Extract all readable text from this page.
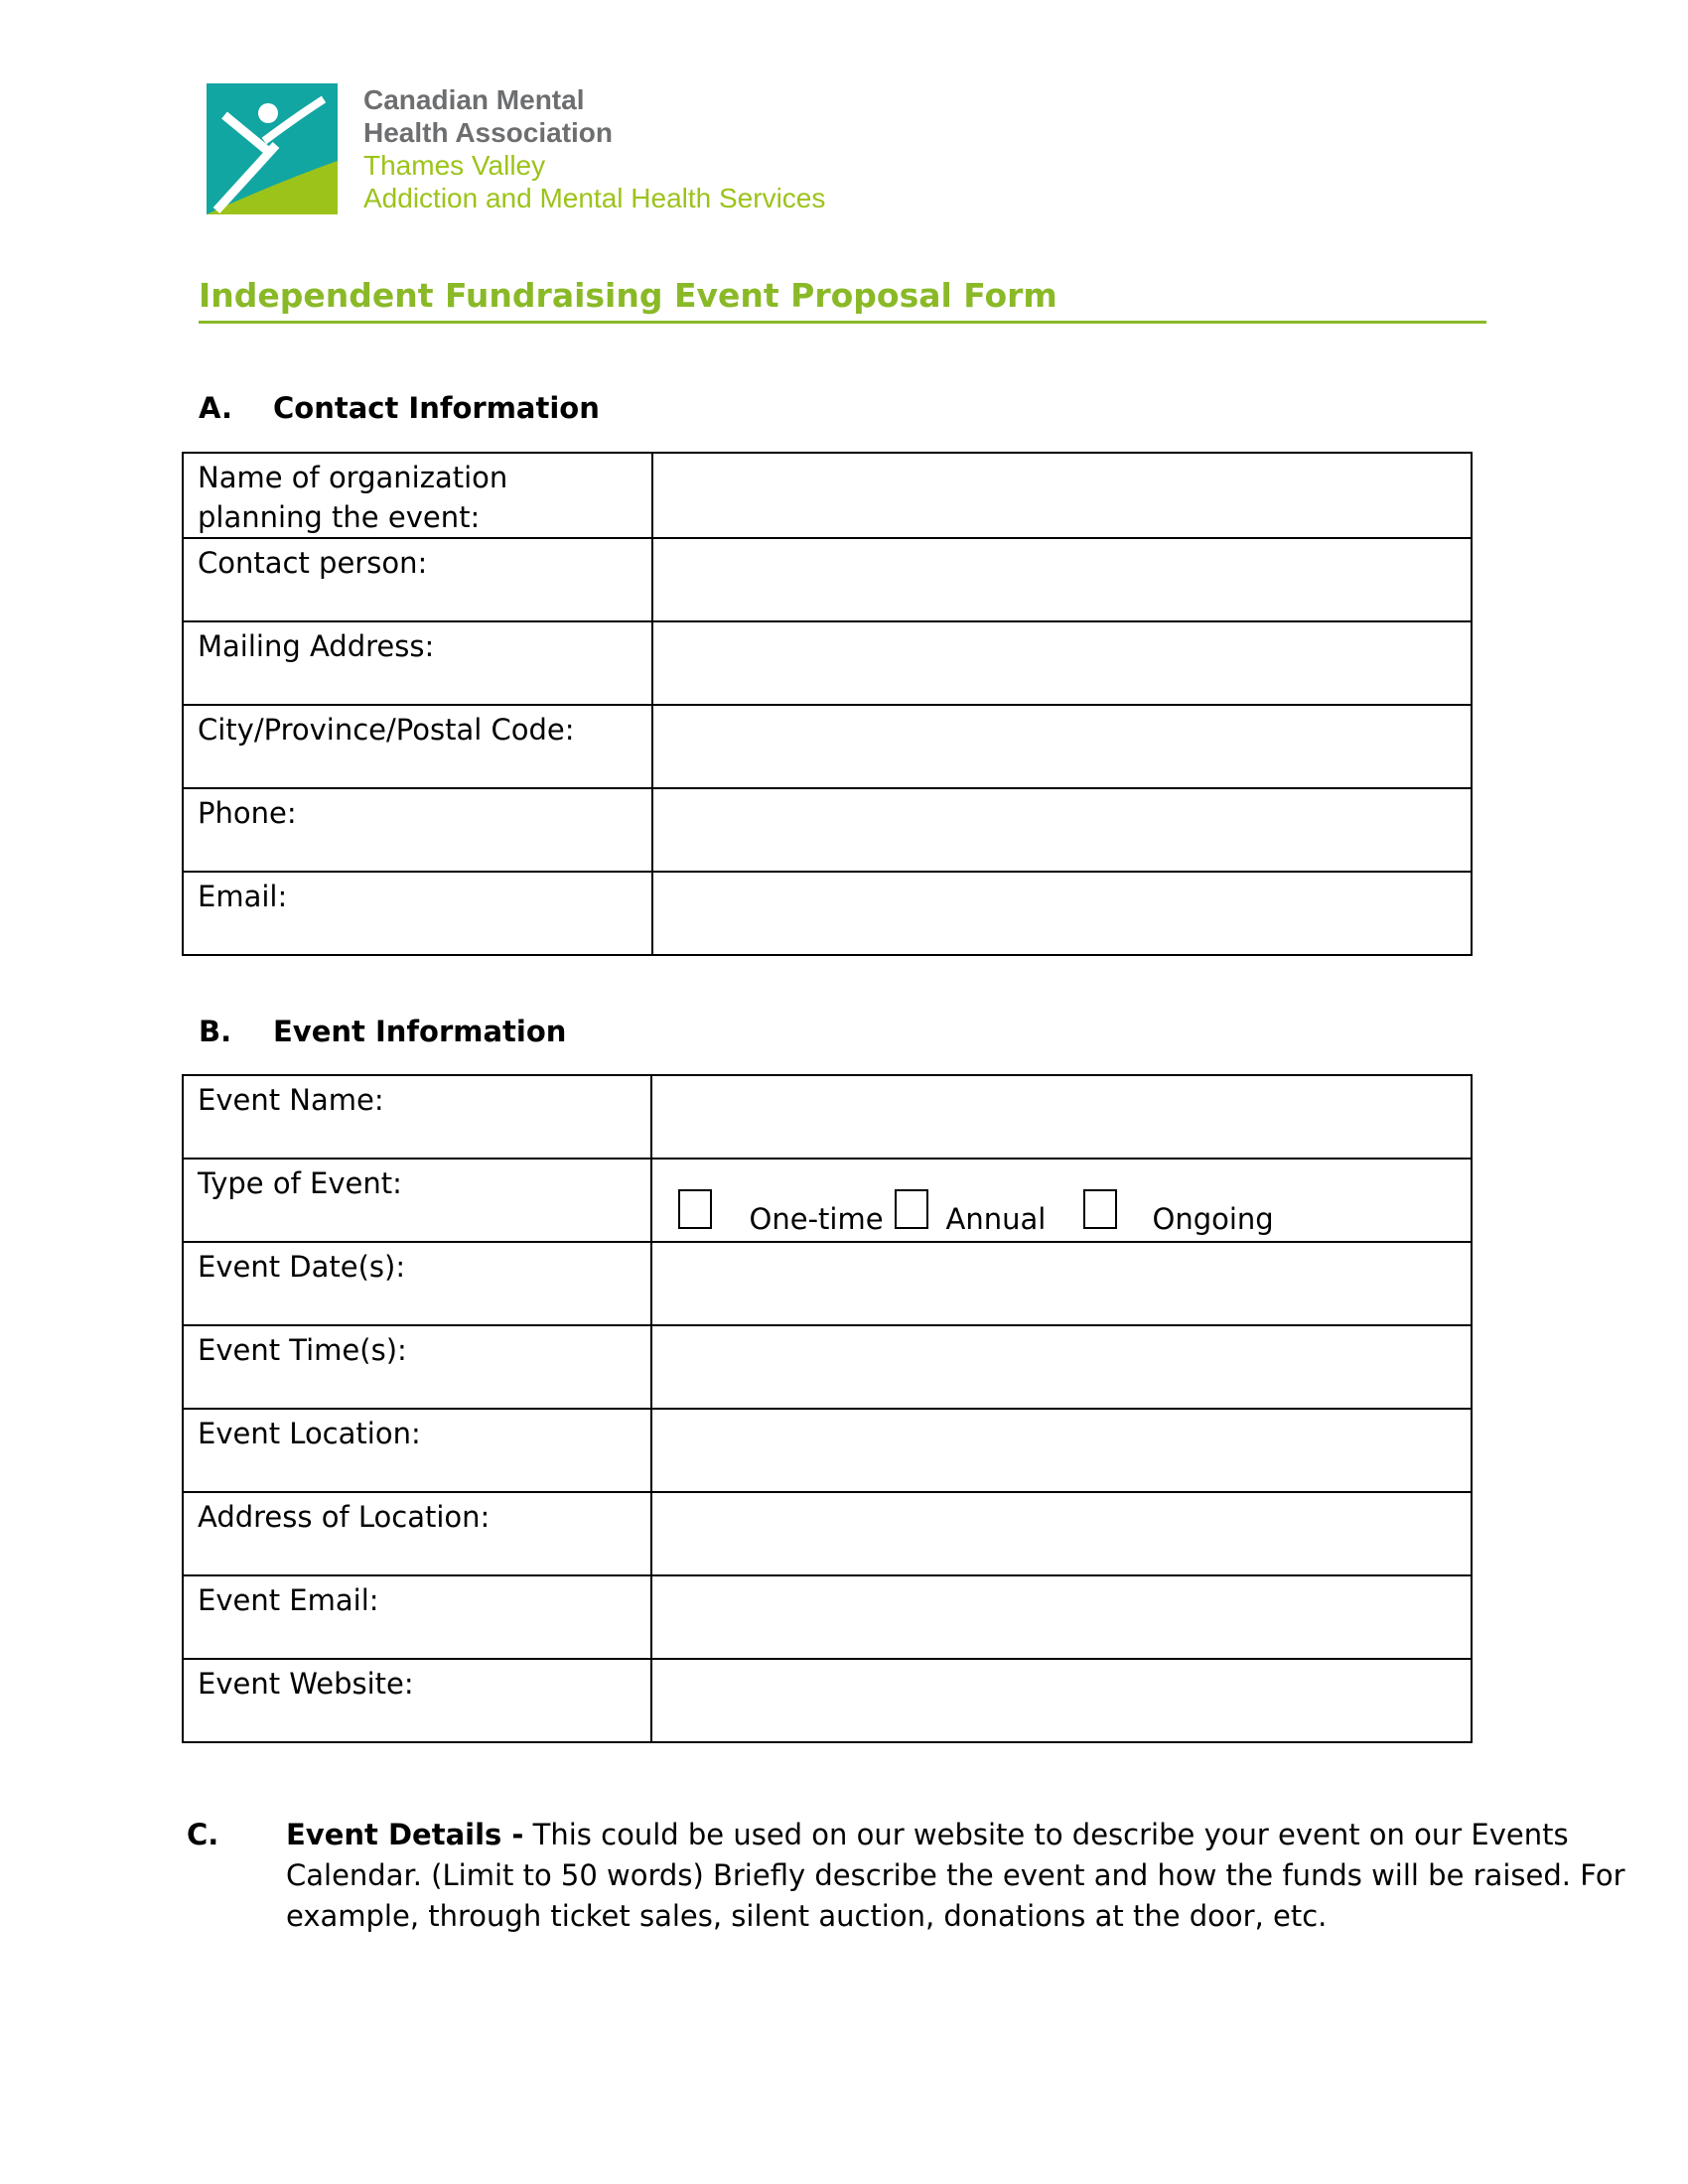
Canadian Mental
Health Association
Thames Valley
Addiction and Mental Health Services
Independent Fundraising Event Proposal Form
A. Contact Information
Name of organization planning the event:	
Contact person:	
Mailing Address:	
City/Province/Postal Code:	
Phone:	
Email:	
B. Event Information
Event Name:	
Type of Event:	One-time Annual Ongoing

Event Date(s):	
Event Time(s):	
Event Location:	
Address of Location:	
Event Email:	
Event Website:	
C. Event Details - This could be used on our website to describe your event on our Events Calendar. (Limit to 50 words) Briefly describe the event and how the funds will be raised. For example, through ticket sales, silent auction, donations at the door, etc.
